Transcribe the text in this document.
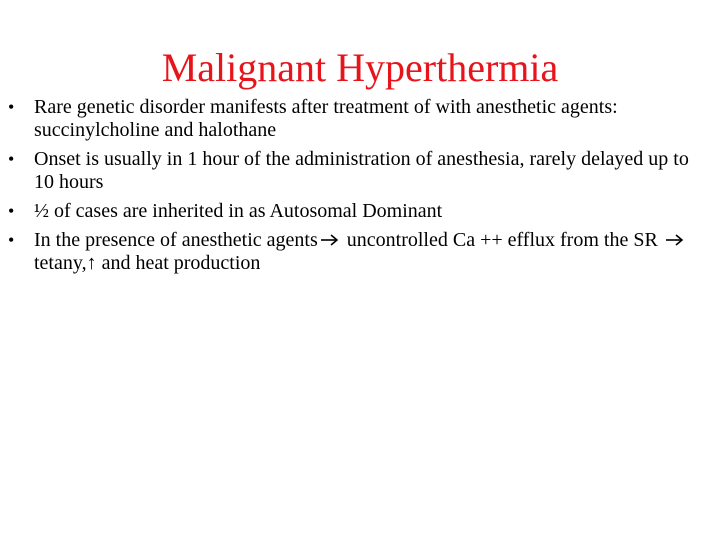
Malignant Hyperthermia
• Rare genetic disorder manifests after treatment of with anesthetic agents: succinylcholine and halothane
• Onset is usually in 1 hour of the administration of anesthesia, rarely delayed up to 10 hours
• ½ of cases are inherited in as Autosomal Dominant
• In the presence of anesthetic agents uncontrolled Ca ++ efflux from the SR  tetany,↑ and heat production
